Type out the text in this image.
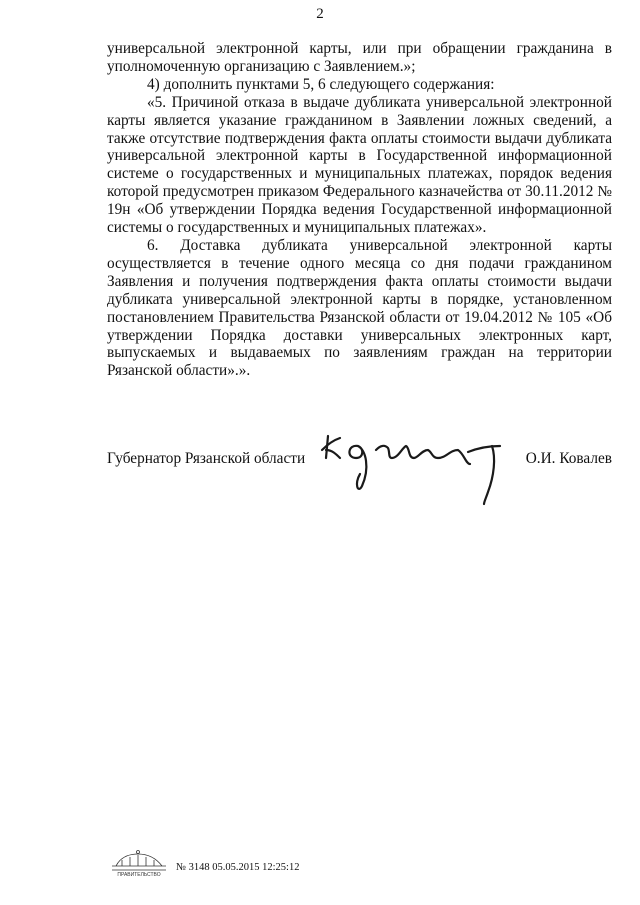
2

универсальной электронной карты, или при обращении гражданина в уполномоченную организацию с Заявлением.»;

4) дополнить пунктами 5, 6 следующего содержания:

«5. Причиной отказа в выдаче дубликата универсальной электронной карты является указание гражданином в Заявлении ложных сведений, а также отсутствие подтверждения факта оплаты стоимости выдачи дубликата универсальной электронной карты в Государственной информационной системе о государственных и муниципальных платежах, порядок ведения которой предусмотрен приказом Федерального казначейства от 30.11.2012 № 19н «Об утверждении Порядка ведения Государственной информационной системы о государственных и муниципальных платежах».

6. Доставка дубликата универсальной электронной карты осуществляется в течение одного месяца со дня подачи гражданином Заявления и получения подтверждения факта оплаты стоимости выдачи дубликата универсальной электронной карты в порядке, установленном постановлением Правительства Рязанской области от 19.04.2012 № 105 «Об утверждении Порядка доставки универсальных электронных карт, выпускаемых и выдаваемых по заявлениям граждан на территории Рязанской области».».

Губернатор Рязанской области	О.И. Ковалев
ПРАВИТЕЛЬСТВО
№ 3148 05.05.2015 12:25:12
